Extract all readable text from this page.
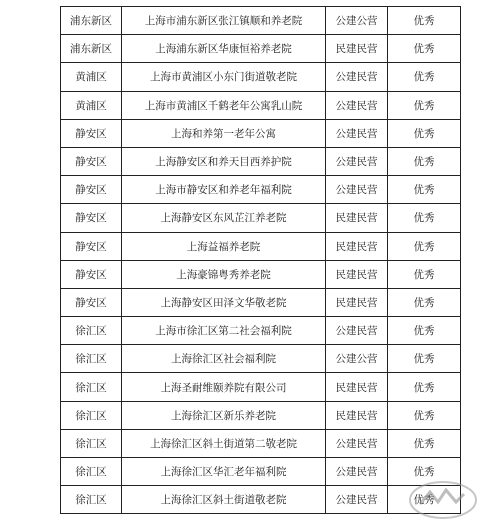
浦东新区	上海市浦东新区张江镇顺和养老院	公建公营	优秀
浦东新区	上海浦东新区华康恒裕养老院	民建民营	优秀
黄浦区	上海市黄浦区小东门街道敬老院	公建民营	优秀
黄浦区	上海市黄浦区千鹤老年公寓乳山院	公建民营	优秀
静安区	上海和养第一老年公寓	公建民营	优秀
静安区	上海静安区和养天目西养护院	公建民营	优秀
静安区	上海市静安区和养老年福利院	公建民营	优秀
静安区	上海静安区东风芷江养老院	民建民营	优秀
静安区	上海益福养老院	民建民营	优秀
静安区	上海豪锦粤秀养老院	民建民营	优秀
静安区	上海静安区田泽文华敬老院	民建民营	优秀
徐汇区	上海市徐汇区第二社会福利院	公建民营	优秀
徐汇区	上海徐汇区社会福利院	公建公营	优秀
徐汇区	上海圣耐维颐养院有限公司	民建民营	优秀
徐汇区	上海徐汇区新乐养老院	民建民营	优秀
徐汇区	上海徐汇区斜土街道第二敬老院	公建民营	优秀
徐汇区	上海徐汇区华汇老年福利院	公建民营	优秀
徐汇区	上海徐汇区斜土街道敬老院	公建民营	优秀
